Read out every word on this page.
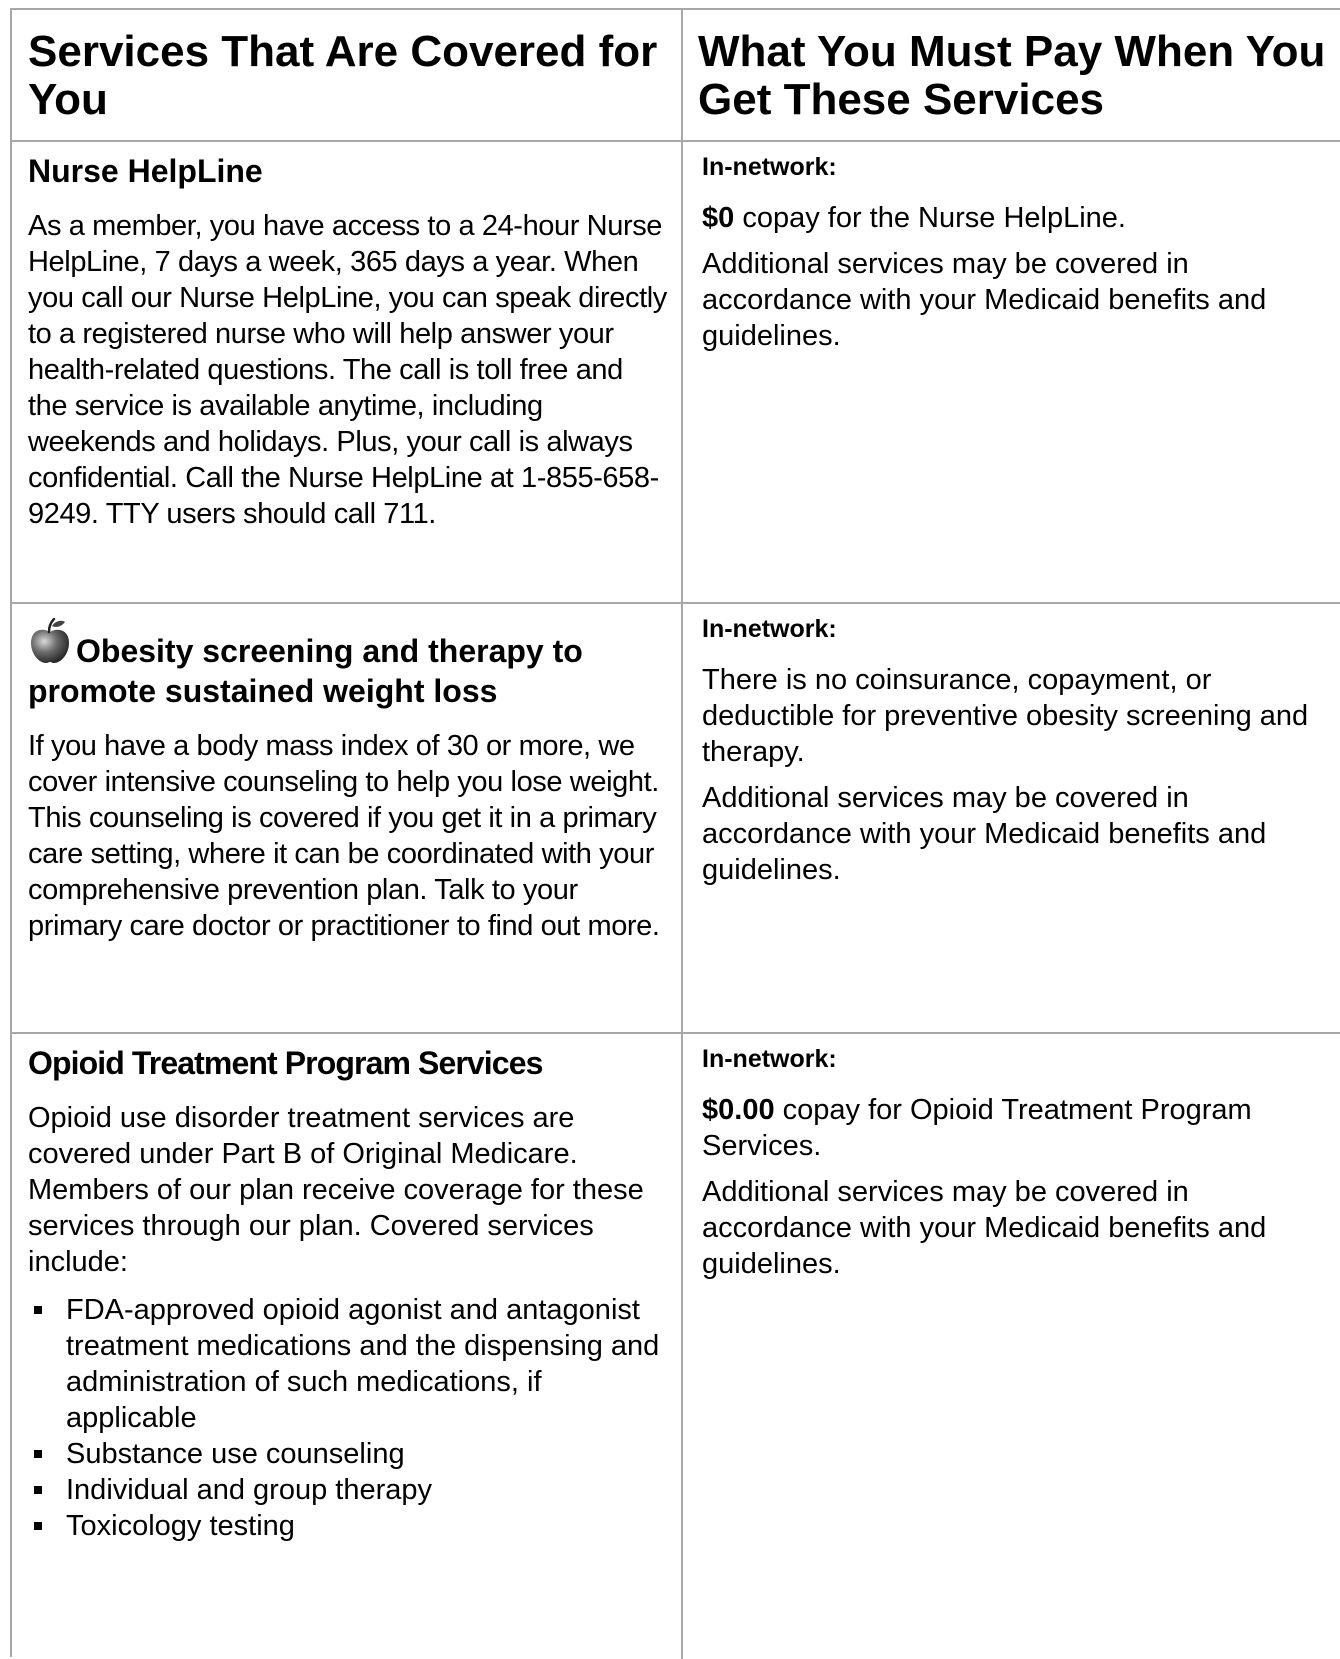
Services That Are Covered for You
What You Must Pay When You Get These Services
Nurse HelpLine

As a member, you have access to a 24-hour Nurse HelpLine, 7 days a week, 365 days a year. When you call our Nurse HelpLine, you can speak directly to a registered nurse who will help answer your health-related questions. The call is toll free and the service is available anytime, including weekends and holidays. Plus, your call is always confidential. Call the Nurse HelpLine at 1-855-658-9249. TTY users should call 711.

In-network:

$0 copay for the Nurse HelpLine.

Additional services may be covered in accordance with your Medicaid benefits and guidelines.

Obesity screening and therapy to promote sustained weight loss

If you have a body mass index of 30 or more, we cover intensive counseling to help you lose weight. This counseling is covered if you get it in a primary care setting, where it can be coordinated with your comprehensive prevention plan. Talk to your primary care doctor or practitioner to find out more.

In-network:

There is no coinsurance, copayment, or deductible for preventive obesity screening and therapy.

Additional services may be covered in accordance with your Medicaid benefits and guidelines.

Opioid Treatment Program Services

Opioid use disorder treatment services are covered under Part B of Original Medicare. Members of our plan receive coverage for these services through our plan. Covered services include:

FDA-approved opioid agonist and antagonist treatment medications and the dispensing and administration of such medications, if applicable
Substance use counseling
Individual and group therapy
Toxicology testing
In-network:

$0.00 copay for Opioid Treatment Program Services.

Additional services may be covered in accordance with your Medicaid benefits and guidelines.
